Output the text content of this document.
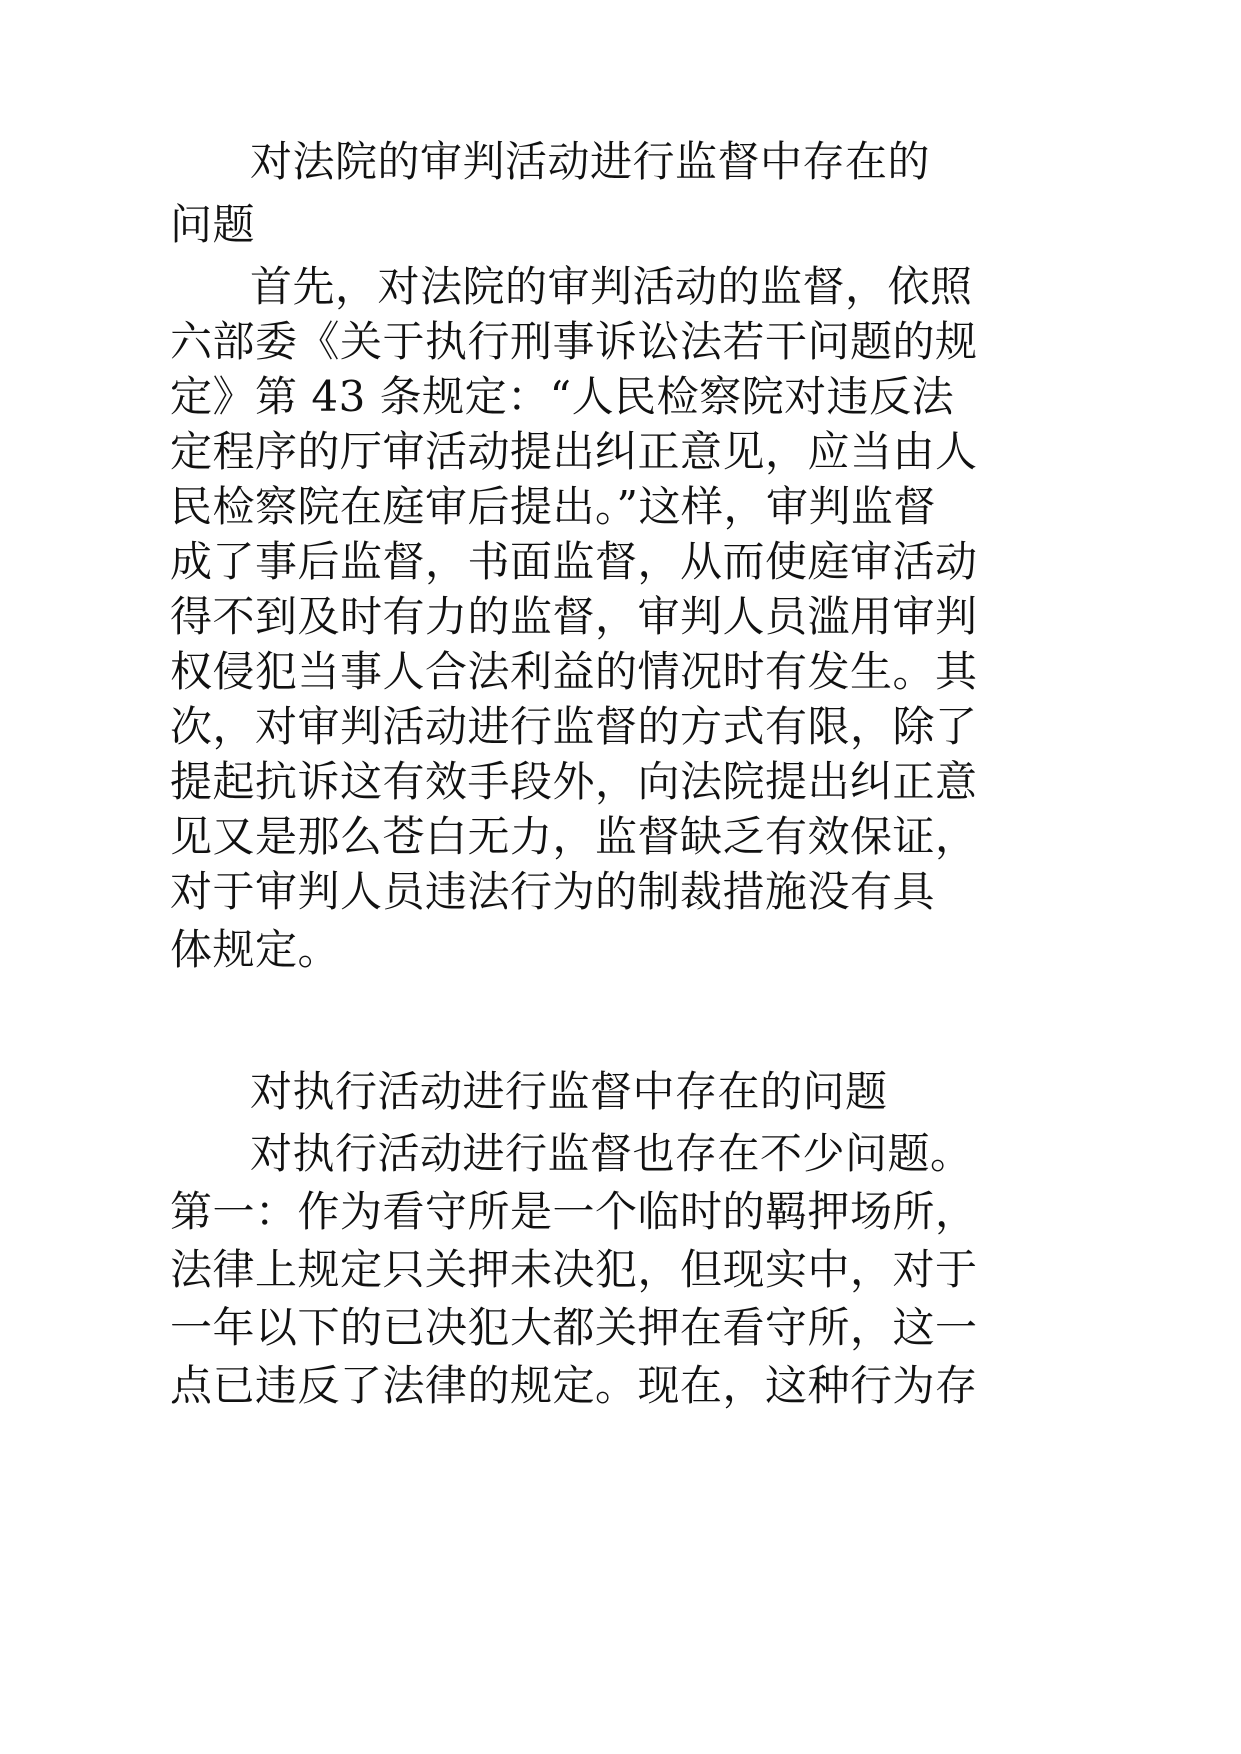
对法院的审判活动进行监督中存在的
问题
首先，对法院的审判活动的监督，依照
六部委《关于执行刑事诉讼法若干问题的规
定》第 43 条规定：“人民检察院对违反法
定程序的厅审活动提出纠正意见，应当由人
民检察院在庭审后提出。”这样，审判监督
成了事后监督，书面监督，从而使庭审活动
得不到及时有力的监督，审判人员滥用审判
权侵犯当事人合法利益的情况时有发生。其
次，对审判活动进行监督的方式有限，除了
提起抗诉这有效手段外，向法院提出纠正意
见又是那么苍白无力，监督缺乏有效保证，
对于审判人员违法行为的制裁措施没有具
体规定。
对执行活动进行监督中存在的问题
对执行活动进行监督也存在不少问题。
第一：作为看守所是一个临时的羁押场所，
法律上规定只关押未决犯，但现实中，对于
一年以下的已决犯大都关押在看守所，这一
点已违反了法律的规定。现在，这种行为存
